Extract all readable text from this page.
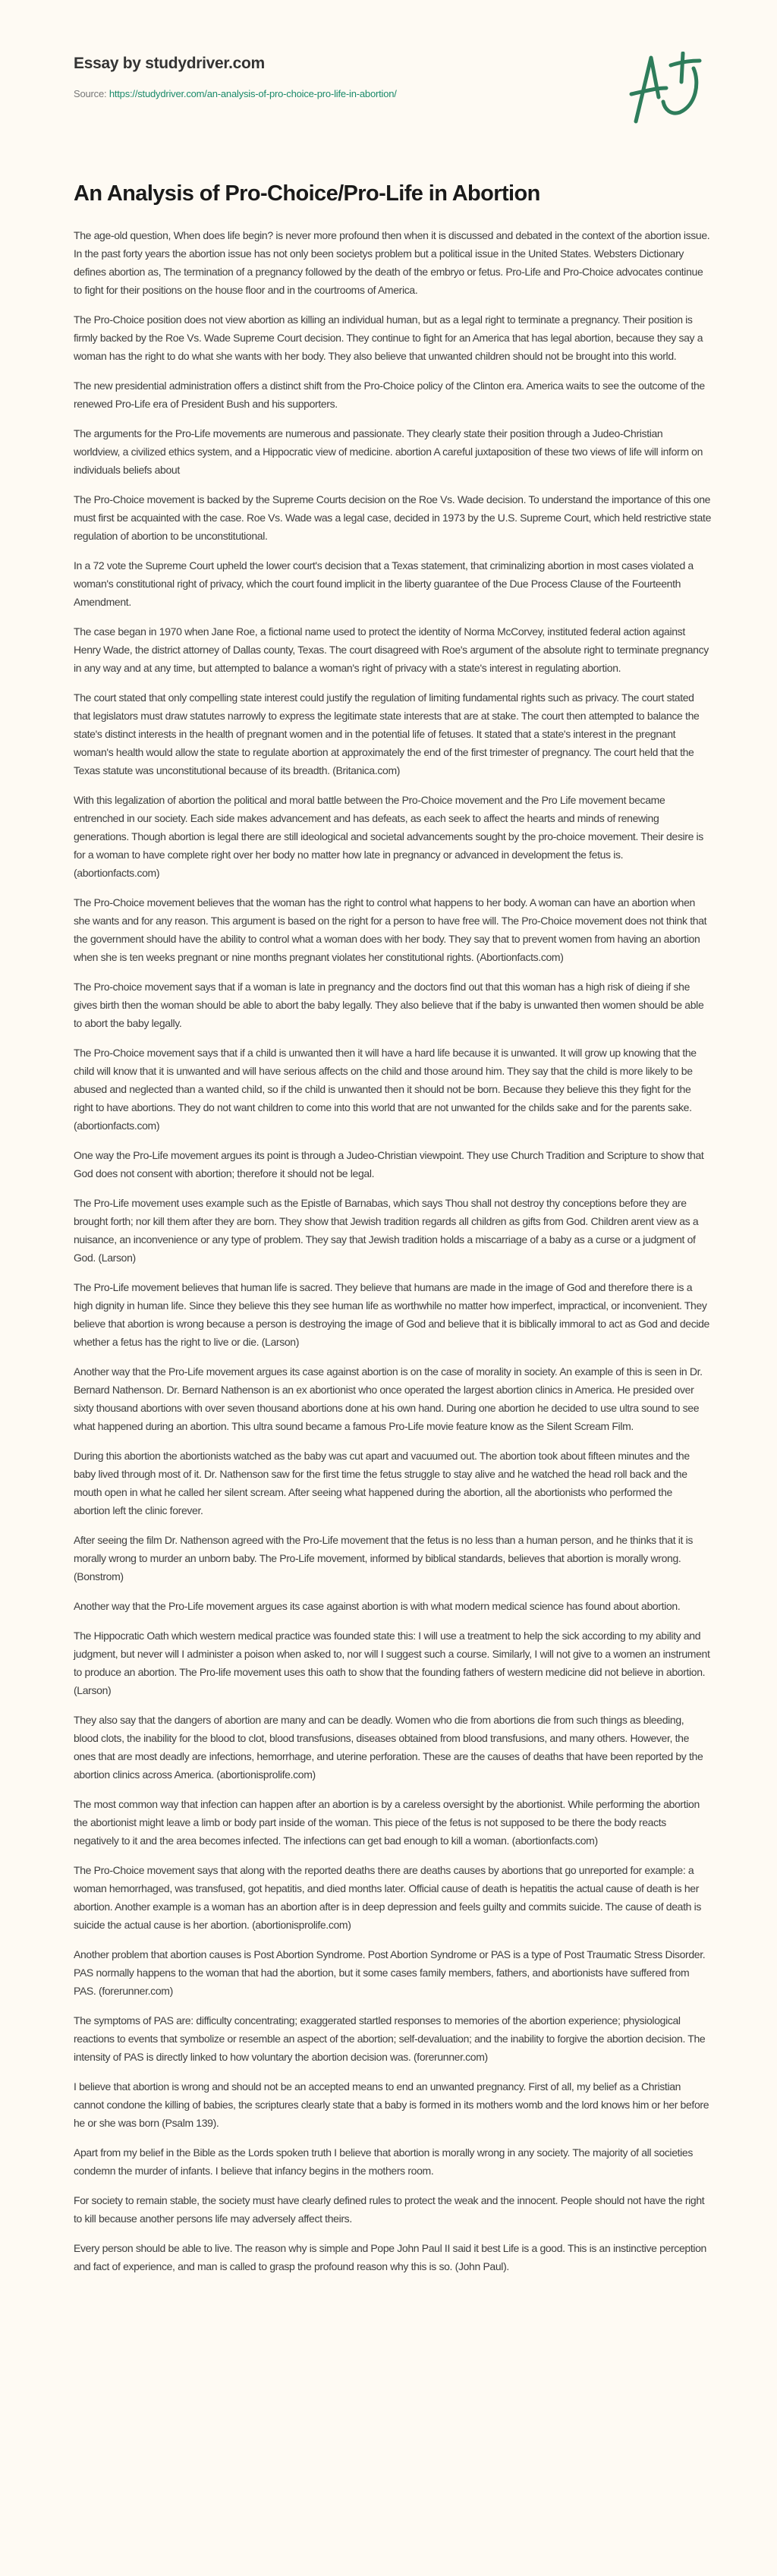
Essay by studydriver.com
Source: https://studydriver.com/an-analysis-of-pro-choice-pro-life-in-abortion/
An Analysis of Pro-Choice/Pro-Life in Abortion

The age-old question, When does life begin? is never more profound then when it is discussed and debated in the context of the abortion issue. In the past forty years the abortion issue has not only been societys problem but a political issue in the United States. Websters Dictionary defines abortion as, The termination of a pregnancy followed by the death of the embryo or fetus. Pro-Life and Pro-Choice advocates continue to fight for their positions on the house floor and in the courtrooms of America.

The Pro-Choice position does not view abortion as killing an individual human, but as a legal right to terminate a pregnancy. Their position is firmly backed by the Roe Vs. Wade Supreme Court decision. They continue to fight for an America that has legal abortion, because they say a woman has the right to do what she wants with her body. They also believe that unwanted children should not be brought into this world.

The new presidential administration offers a distinct shift from the Pro-Choice policy of the Clinton era. America waits to see the outcome of the renewed Pro-Life era of President Bush and his supporters.

The arguments for the Pro-Life movements are numerous and passionate. They clearly state their position through a Judeo-Christian worldview, a civilized ethics system, and a Hippocratic view of medicine. abortion A careful juxtaposition of these two views of life will inform on individuals beliefs about

The Pro-Choice movement is backed by the Supreme Courts decision on the Roe Vs. Wade decision. To understand the importance of this one must first be acquainted with the case. Roe Vs. Wade was a legal case, decided in 1973 by the U.S. Supreme Court, which held restrictive state regulation of abortion to be unconstitutional.

In a 72 vote the Supreme Court upheld the lower court's decision that a Texas statement, that criminalizing abortion in most cases violated a woman's constitutional right of privacy, which the court found implicit in the liberty guarantee of the Due Process Clause of the Fourteenth Amendment.

The case began in 1970 when Jane Roe, a fictional name used to protect the identity of Norma McCorvey, instituted federal action against Henry Wade, the district attorney of Dallas county, Texas. The court disagreed with Roe's argument of the absolute right to terminate pregnancy in any way and at any time, but attempted to balance a woman's right of privacy with a state's interest in regulating abortion.

The court stated that only compelling state interest could justify the regulation of limiting fundamental rights such as privacy. The court stated that legislators must draw statutes narrowly to express the legitimate state interests that are at stake. The court then attempted to balance the state's distinct interests in the health of pregnant women and in the potential life of fetuses. It stated that a state's interest in the pregnant woman's health would allow the state to regulate abortion at approximately the end of the first trimester of pregnancy. The court held that the Texas statute was unconstitutional because of its breadth. (Britanica.com)

With this legalization of abortion the political and moral battle between the Pro-Choice movement and the Pro Life movement became entrenched in our society. Each side makes advancement and has defeats, as each seek to affect the hearts and minds of renewing generations. Though abortion is legal there are still ideological and societal advancements sought by the pro-choice movement. Their desire is for a woman to have complete right over her body no matter how late in pregnancy or advanced in development the fetus is. (abortionfacts.com)

The Pro-Choice movement believes that the woman has the right to control what happens to her body. A woman can have an abortion when she wants and for any reason. This argument is based on the right for a person to have free will. The Pro-Choice movement does not think that the government should have the ability to control what a woman does with her body. They say that to prevent women from having an abortion when she is ten weeks pregnant or nine months pregnant violates her constitutional rights. (Abortionfacts.com)

The Pro-choice movement says that if a woman is late in pregnancy and the doctors find out that this woman has a high risk of dieing if she gives birth then the woman should be able to abort the baby legally. They also believe that if the baby is unwanted then women should be able to abort the baby legally.

The Pro-Choice movement says that if a child is unwanted then it will have a hard life because it is unwanted. It will grow up knowing that the child will know that it is unwanted and will have serious affects on the child and those around him. They say that the child is more likely to be abused and neglected than a wanted child, so if the child is unwanted then it should not be born. Because they believe this they fight for the right to have abortions. They do not want children to come into this world that are not unwanted for the childs sake and for the parents sake. (abortionfacts.com)

One way the Pro-Life movement argues its point is through a Judeo-Christian viewpoint. They use Church Tradition and Scripture to show that God does not consent with abortion; therefore it should not be legal.

The Pro-Life movement uses example such as the Epistle of Barnabas, which says Thou shall not destroy thy conceptions before they are brought forth; nor kill them after they are born. They show that Jewish tradition regards all children as gifts from God. Children arent view as a nuisance, an inconvenience or any type of problem. They say that Jewish tradition holds a miscarriage of a baby as a curse or a judgment of God. (Larson)

The Pro-Life movement believes that human life is sacred. They believe that humans are made in the image of God and therefore there is a high dignity in human life. Since they believe this they see human life as worthwhile no matter how imperfect, impractical, or inconvenient. They believe that abortion is wrong because a person is destroying the image of God and believe that it is biblically immoral to act as God and decide whether a fetus has the right to live or die. (Larson)

Another way that the Pro-Life movement argues its case against abortion is on the case of morality in society. An example of this is seen in Dr. Bernard Nathenson. Dr. Bernard Nathenson is an ex abortionist who once operated the largest abortion clinics in America. He presided over sixty thousand abortions with over seven thousand abortions done at his own hand. During one abortion he decided to use ultra sound to see what happened during an abortion. This ultra sound became a famous Pro-Life movie feature know as the Silent Scream Film.

During this abortion the abortionists watched as the baby was cut apart and vacuumed out. The abortion took about fifteen minutes and the baby lived through most of it. Dr. Nathenson saw for the first time the fetus struggle to stay alive and he watched the head roll back and the mouth open in what he called her silent scream. After seeing what happened during the abortion, all the abortionists who performed the abortion left the clinic forever.

After seeing the film Dr. Nathenson agreed with the Pro-Life movement that the fetus is no less than a human person, and he thinks that it is morally wrong to murder an unborn baby. The Pro-Life movement, informed by biblical standards, believes that abortion is morally wrong. (Bonstrom)

Another way that the Pro-Life movement argues its case against abortion is with what modern medical science has found about abortion.

The Hippocratic Oath which western medical practice was founded state this: I will use a treatment to help the sick according to my ability and judgment, but never will I administer a poison when asked to, nor will I suggest such a course. Similarly, I will not give to a women an instrument to produce an abortion. The Pro-life movement uses this oath to show that the founding fathers of western medicine did not believe in abortion. (Larson)

They also say that the dangers of abortion are many and can be deadly. Women who die from abortions die from such things as bleeding, blood clots, the inability for the blood to clot, blood transfusions, diseases obtained from blood transfusions, and many others. However, the ones that are most deadly are infections, hemorrhage, and uterine perforation. These are the causes of deaths that have been reported by the abortion clinics across America. (abortionisprolife.com)

The most common way that infection can happen after an abortion is by a careless oversight by the abortionist. While performing the abortion the abortionist might leave a limb or body part inside of the woman. This piece of the fetus is not supposed to be there the body reacts negatively to it and the area becomes infected. The infections can get bad enough to kill a woman. (abortionfacts.com)

The Pro-Choice movement says that along with the reported deaths there are deaths causes by abortions that go unreported for example: a woman hemorrhaged, was transfused, got hepatitis, and died months later. Official cause of death is hepatitis the actual cause of death is her abortion. Another example is a woman has an abortion after is in deep depression and feels guilty and commits suicide. The cause of death is suicide the actual cause is her abortion. (abortionisprolife.com)

Another problem that abortion causes is Post Abortion Syndrome. Post Abortion Syndrome or PAS is a type of Post Traumatic Stress Disorder. PAS normally happens to the woman that had the abortion, but it some cases family members, fathers, and abortionists have suffered from PAS. (forerunner.com)

The symptoms of PAS are: difficulty concentrating; exaggerated startled responses to memories of the abortion experience; physiological reactions to events that symbolize or resemble an aspect of the abortion; self-devaluation; and the inability to forgive the abortion decision. The intensity of PAS is directly linked to how voluntary the abortion decision was. (forerunner.com)

I believe that abortion is wrong and should not be an accepted means to end an unwanted pregnancy. First of all, my belief as a Christian cannot condone the killing of babies, the scriptures clearly state that a baby is formed in its mothers womb and the lord knows him or her before he or she was born (Psalm 139).

Apart from my belief in the Bible as the Lords spoken truth I believe that abortion is morally wrong in any society. The majority of all societies condemn the murder of infants. I believe that infancy begins in the mothers room.

For society to remain stable, the society must have clearly defined rules to protect the weak and the innocent. People should not have the right to kill because another persons life may adversely affect theirs.

Every person should be able to live. The reason why is simple and Pope John Paul II said it best Life is a good. This is an instinctive perception and fact of experience, and man is called to grasp the profound reason why this is so. (John Paul).
